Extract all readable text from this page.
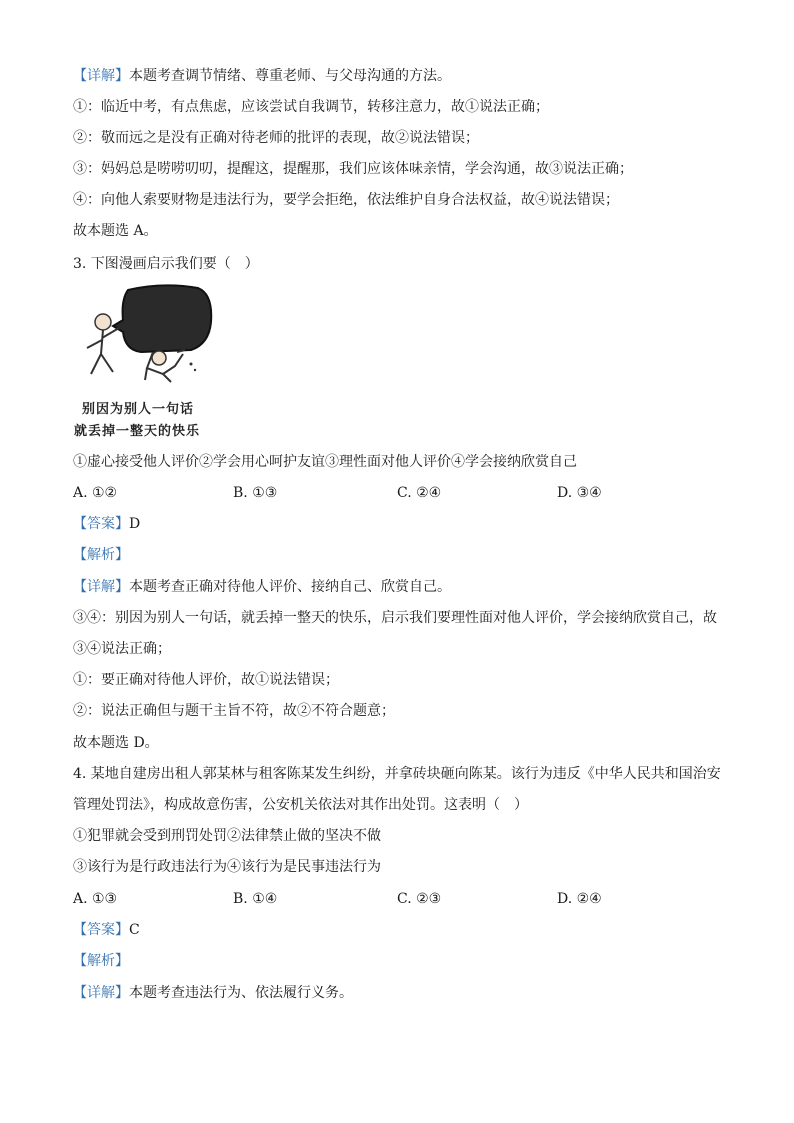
【详解】本题考查调节情绪、尊重老师、与父母沟通的方法。
①：临近中考，有点焦虑，应该尝试自我调节，转移注意力，故①说法正确；
②：敬而远之是没有正确对待老师的批评的表现，故②说法错误；
③：妈妈总是唠唠叨叨，提醒这，提醒那，我们应该体味亲情，学会沟通，故③说法正确；
④：向他人索要财物是违法行为，要学会拒绝，依法维护自身合法权益，故④说法错误；
故本题选 A。
3. 下图漫画启示我们要（　）
别因为别人一句话
就丢掉一整天的快乐
①虚心接受他人评价②学会用心呵护友谊③理性面对他人评价④学会接纳欣赏自己
A. ①②	B. ①③	C. ②④	D. ③④
【答案】D
【解析】
【详解】本题考查正确对待他人评价、接纳自己、欣赏自己。
③④：别因为别人一句话，就丢掉一整天的快乐，启示我们要理性面对他人评价，学会接纳欣赏自己，故
③④说法正确；
①：要正确对待他人评价，故①说法错误；
②：说法正确但与题干主旨不符，故②不符合题意；
故本题选 D。
4. 某地自建房出租人郭某林与租客陈某发生纠纷，并拿砖块砸向陈某。该行为违反《中华人民共和国治安
管理处罚法》，构成故意伤害，公安机关依法对其作出处罚。这表明（　）
①犯罪就会受到刑罚处罚②法律禁止做的坚决不做
③该行为是行政违法行为④该行为是民事违法行为
A. ①③	B. ①④	C. ②③	D. ②④
【答案】C
【解析】
【详解】本题考查违法行为、依法履行义务。
